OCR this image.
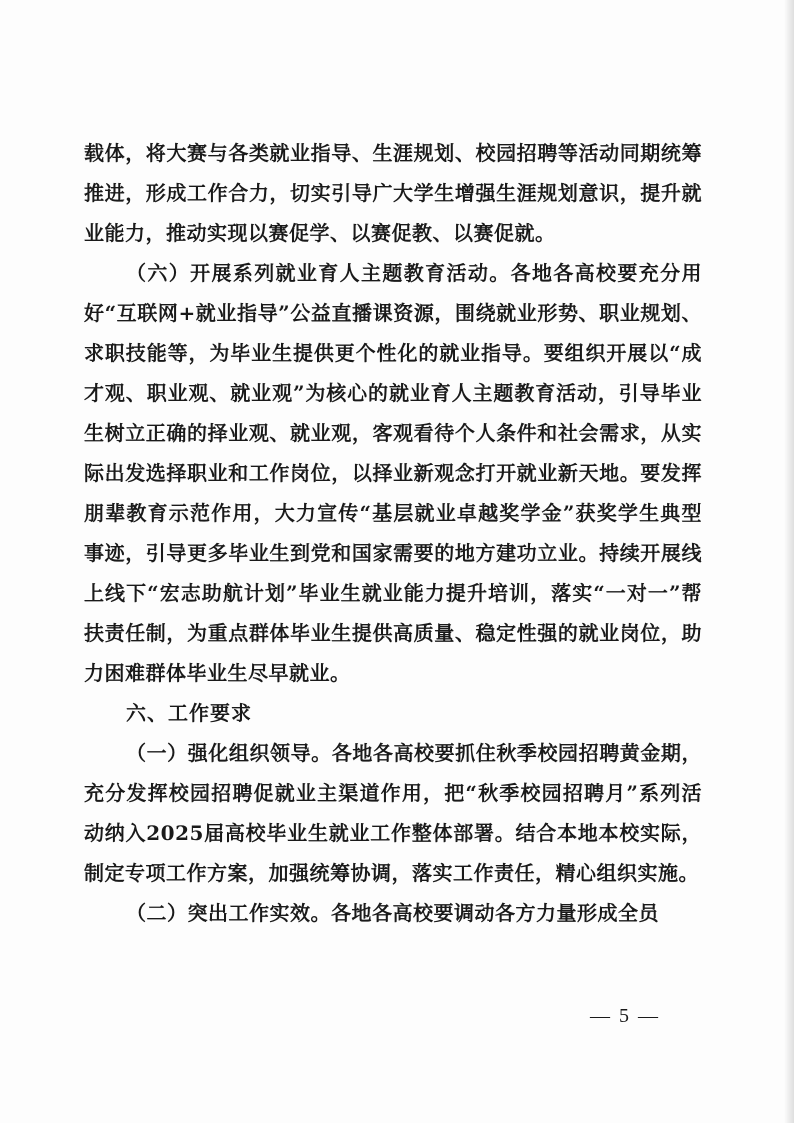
载体，将大赛与各类就业指导、生涯规划、校园招聘等活动同期统筹推进，形成工作合力，切实引导广大学生增强生涯规划意识，提升就业能力，推动实现以赛促学、以赛促教、以赛促就。

（六）开展系列就业育人主题教育活动。各地各高校要充分用好“互联网+就业指导”公益直播课资源，围绕就业形势、职业规划、求职技能等，为毕业生提供更个性化的就业指导。要组织开展以“成才观、职业观、就业观”为核心的就业育人主题教育活动，引导毕业生树立正确的择业观、就业观，客观看待个人条件和社会需求，从实际出发选择职业和工作岗位，以择业新观念打开就业新天地。要发挥朋辈教育示范作用，大力宣传“基层就业卓越奖学金”获奖学生典型事迹，引导更多毕业生到党和国家需要的地方建功立业。持续开展线上线下“宏志助航计划”毕业生就业能力提升培训，落实“一对一”帮扶责任制，为重点群体毕业生提供高质量、稳定性强的就业岗位，助力困难群体毕业生尽早就业。

六、工作要求

（一）强化组织领导。各地各高校要抓住秋季校园招聘黄金期，充分发挥校园招聘促就业主渠道作用，把“秋季校园招聘月”系列活动纳入2025届高校毕业生就业工作整体部署。结合本地本校实际，制定专项工作方案，加强统筹协调，落实工作责任，精心组织实施。

（二）突出工作实效。各地各高校要调动各方力量形成全员

— 5 —
